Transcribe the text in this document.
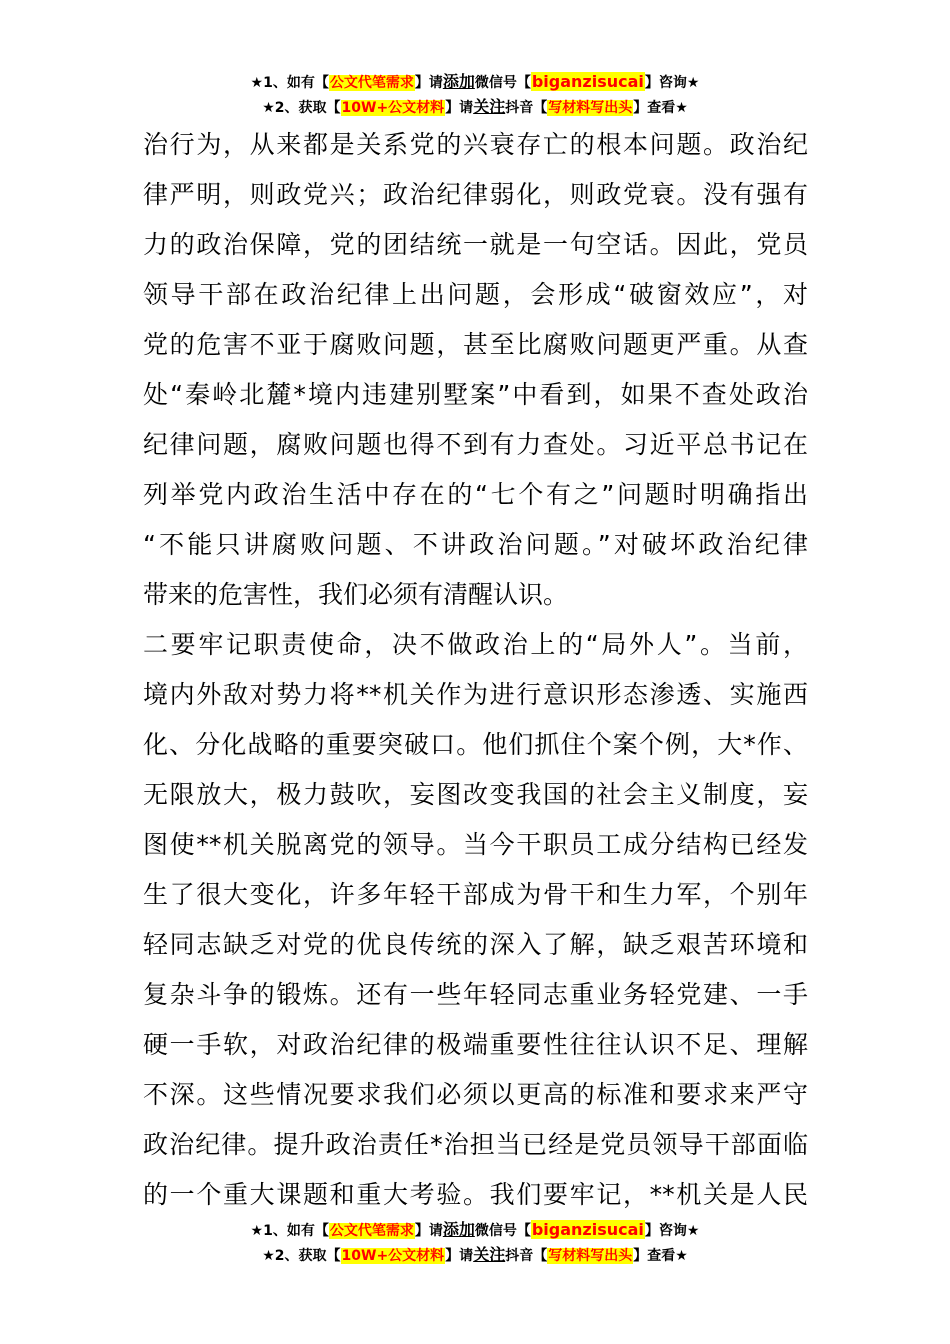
★1、如有【公文代笔需求】请添加微信号【biganzisucai】咨询★
★2、获取【10W+公文材料】请关注抖音【写材料写出头】查看★
治行为，从来都是关系党的兴衰存亡的根本问题。政治纪
律严明，则政党兴；政治纪律弱化，则政党衰。没有强有
力的政治保障，党的团结统一就是一句空话。因此，党员
领导干部在政治纪律上出问题，会形成“破窗效应”，对
党的危害不亚于腐败问题，甚至比腐败问题更严重。从查
处“秦岭北麓*境内违建别墅案”中看到，如果不查处政治
纪律问题，腐败问题也得不到有力查处。习近平总书记在
列举党内政治生活中存在的“七个有之”问题时明确指出
“不能只讲腐败问题、不讲政治问题。”对破坏政治纪律
带来的危害性，我们必须有清醒认识。
二要牢记职责使命，决不做政治上的“局外人”。当前，
境内外敌对势力将**机关作为进行意识形态渗透、实施西
化、分化战略的重要突破口。他们抓住个案个例，大*作、
无限放大，极力鼓吹，妄图改变我国的社会主义制度，妄
图使**机关脱离党的领导。当今干职员工成分结构已经发
生了很大变化，许多年轻干部成为骨干和生力军，个别年
轻同志缺乏对党的优良传统的深入了解，缺乏艰苦环境和
复杂斗争的锻炼。还有一些年轻同志重业务轻党建、一手
硬一手软，对政治纪律的极端重要性往往认识不足、理解
不深。这些情况要求我们必须以更高的标准和要求来严守
政治纪律。提升政治责任*治担当已经是党员领导干部面临
的一个重大课题和重大考验。我们要牢记，**机关是人民
★1、如有【公文代笔需求】请添加微信号【biganzisucai】咨询★
★2、获取【10W+公文材料】请关注抖音【写材料写出头】查看★
